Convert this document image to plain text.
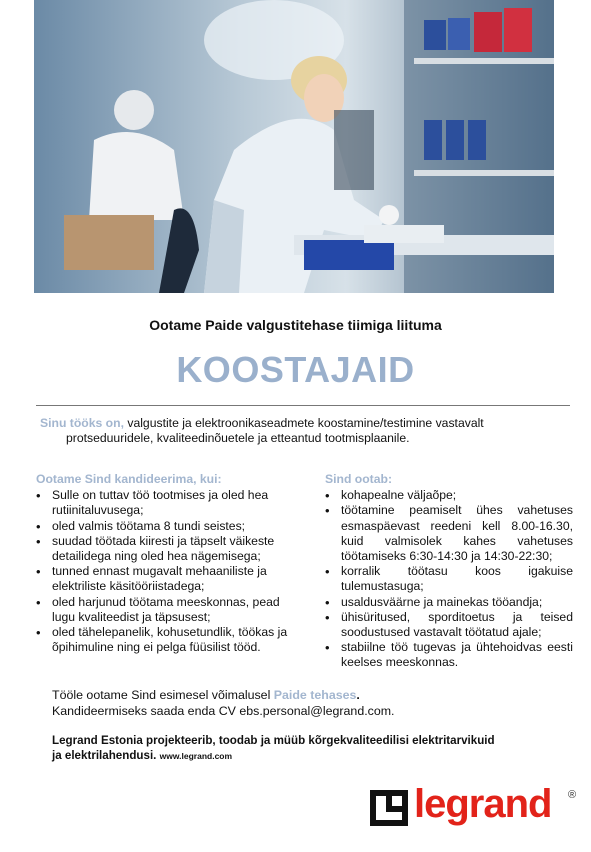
Ootame Paide valgustitehase tiimiga liituma
KOOSTAJAID
Sinu tööks on, valgustite ja elektroonikaseadmete koostamine/testimine vastavalt
protseduuridele, kvaliteedinõuetele ja etteantud tootmisplaanile.
Ootame Sind kandideerima, kui:
• Sulle on tuttav töö tootmises ja oled hea rutiinitaluvusega;
• oled valmis töötama 8 tundi seistes;
• suudad töötada kiiresti ja täpselt väikeste detailidega ning oled hea nägemisega;
• tunned ennast mugavalt mehaaniliste ja elektriliste käsitööriistadega;
• oled harjunud töötama meeskonnas, pead lugu kvaliteedist ja täpsusest;
• oled tähelepanelik, kohusetundlik, töökas ja õpihimuline ning ei pelga füüsilist tööd.
Sind ootab:
• kohapealne väljaõpe;
• töötamine peamiselt ühes vahetuses esmaspäevast reedeni kell 8.00-16.30, kuid valmisolek kahes vahetuses töötamiseks 6:30-14:30 ja 14:30-22:30;
• korralik töötasu koos igakuise tulemustasuga;
• usaldusväärne ja mainekas tööandja;
• ühisüritused, sporditoetus ja teised soodustused vastavalt töötatud ajale;
• stabiilne töö tugevas ja ühtehoidvas eesti keelses meeskonnas.
Tööle ootame Sind esimesel võimalusel Paide tehases.
Kandideermiseks saada enda CV ebs.personal@legrand.com.
Legrand Estonia projekteerib, toodab ja müüb kõrgekvaliteedilisi elektritarvikuid
ja elektrilahendusi. www.legrand.com
legrand ®
